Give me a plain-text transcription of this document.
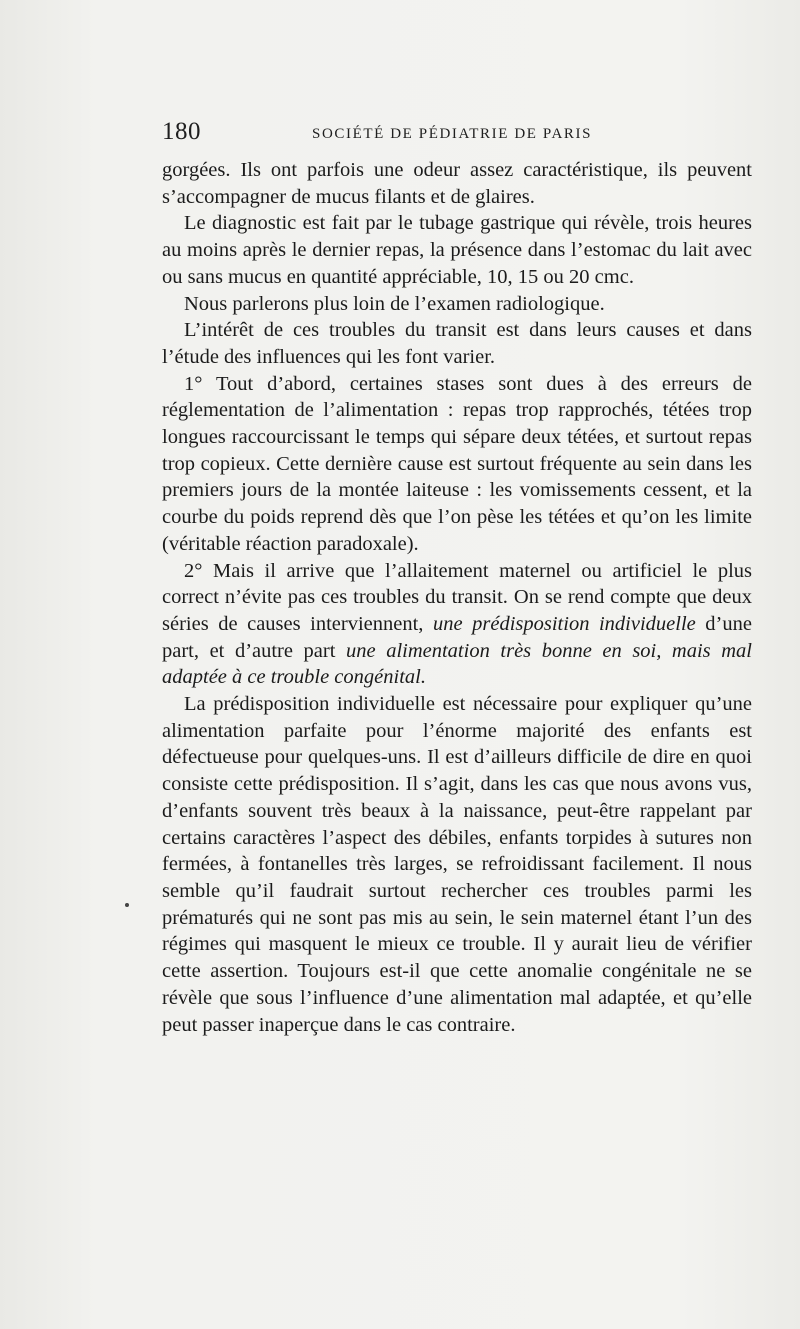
180	SOCIÉTÉ DE PÉDIATRIE DE PARIS

gorgées. Ils ont parfois une odeur assez caractéristique, ils peuvent s’accompagner de mucus filants et de glaires.

Le diagnostic est fait par le tubage gastrique qui révèle, trois heures au moins après le dernier repas, la présence dans l’estomac du lait avec ou sans mucus en quantité appréciable, 10, 15 ou 20 cmc.

Nous parlerons plus loin de l’examen radiologique.

L’intérêt de ces troubles du transit est dans leurs causes et dans l’étude des influences qui les font varier.

1° Tout d’abord, certaines stases sont dues à des erreurs de réglementation de l’alimentation : repas trop rapprochés, tétées trop longues raccourcissant le temps qui sépare deux tétées, et surtout repas trop copieux. Cette dernière cause est surtout fréquente au sein dans les premiers jours de la montée laiteuse : les vomissements cessent, et la courbe du poids reprend dès que l’on pèse les tétées et qu’on les limite (véritable réaction paradoxale).

2° Mais il arrive que l’allaitement maternel ou artificiel le plus correct n’évite pas ces troubles du transit. On se rend compte que deux séries de causes interviennent, une prédisposition individuelle d’une part, et d’autre part une alimentation très bonne en soi, mais mal adaptée à ce trouble congénital.

La prédisposition individuelle est nécessaire pour expliquer qu’une alimentation parfaite pour l’énorme majorité des enfants est défectueuse pour quelques-uns. Il est d’ailleurs difficile de dire en quoi consiste cette prédisposition. Il s’agit, dans les cas que nous avons vus, d’enfants souvent très beaux à la naissance, peut-être rappelant par certains caractères l’aspect des débiles, enfants torpides à sutures non fermées, à fontanelles très larges, se refroidissant facilement. Il nous semble qu’il faudrait surtout rechercher ces troubles parmi les prématurés qui ne sont pas mis au sein, le sein maternel étant l’un des régimes qui masquent le mieux ce trouble. Il y aurait lieu de vérifier cette assertion. Toujours est-il que cette anomalie congénitale ne se révèle que sous l’influence d’une alimentation mal adaptée, et qu’elle peut passer inaperçue dans le cas contraire.
